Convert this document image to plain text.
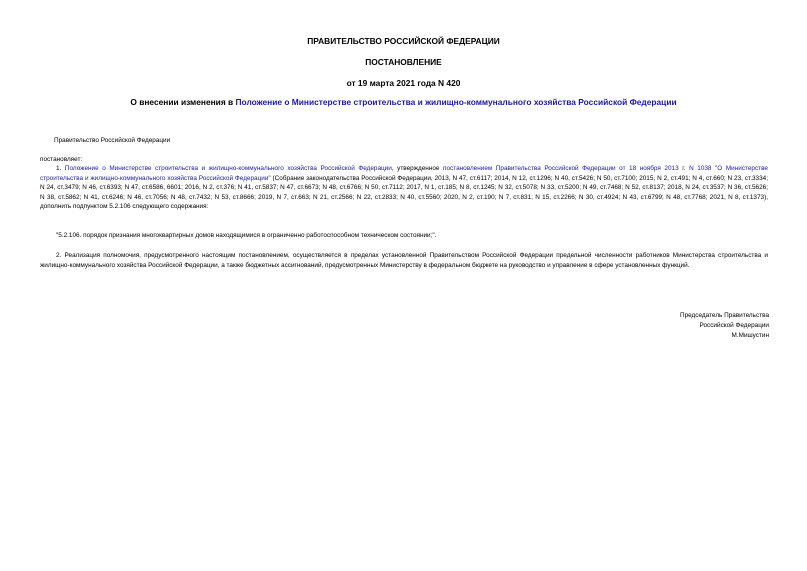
ПРАВИТЕЛЬСТВО РОССИЙСКОЙ ФЕДЕРАЦИИ
ПОСТАНОВЛЕНИЕ
от 19 марта 2021 года N 420
О внесении изменения в Положение о Министерстве строительства и жилищно-коммунального хозяйства Российской Федерации
Правительство Российской Федерации
постановляет:
1. Положение о Министерстве строительства и жилищно-коммунального хозяйства Российской Федерации, утвержденное постановлением Правительства Российской Федерации от 18 ноября 2013 г. N 1038 "О Министерстве строительства и жилищно-коммунального хозяйства Российской Федерации" (Собрание законодательства Российской Федерации, 2013, N 47, ст.6117; 2014, N 12, ст.1296; N 40, ст.5426; N 50, ст.7100; 2015, N 2, ст.491; N 4, ст.660; N 23, ст.3334; N 24, ст.3479; N 46, ст.6393; N 47, ст.6586, 6601; 2016, N 2, ст.376; N 41, ст.5837; N 47, ст.6673; N 48, ст.6766; N 50, ст.7112; 2017, N 1, ст.185; N 8, ст.1245; N 32, ст.5078; N 33, ст.5200; N 49, ст.7468; N 52, ст.8137; 2018, N 24, ст.3537; N 36, ст.5626; N 38, ст.5862; N 41, ст.6246; N 46, ст.7056; N 48, ст.7432; N 53, ст.8666; 2019, N 7, ст.663; N 21, ст.2566; N 22, ст.2833; N 40, ст.5560; 2020, N 2, ст.190; N 7, ст.831; N 15, ст.2266; N 30, ст.4924; N 43, ст.6799; N 48, ст.7768; 2021, N 8, ст.1373), дополнить подпунктом 5.2.106 следующего содержания:
"5.2.106. порядок признания многоквартирных домов находящимися в ограниченно работоспособном техническом состоянии;".
2. Реализация полномочия, предусмотренного настоящим постановлением, осуществляется в пределах установленной Правительством Российской Федерации предельной численности работников Министерства строительства и жилищно-коммунального хозяйства Российской Федерации, а также бюджетных ассигнований, предусмотренных Министерству в федеральном бюджете на руководство и управление в сфере установленных функций.
Председатель Правительства
Российской Федерации
М.Мишустин
